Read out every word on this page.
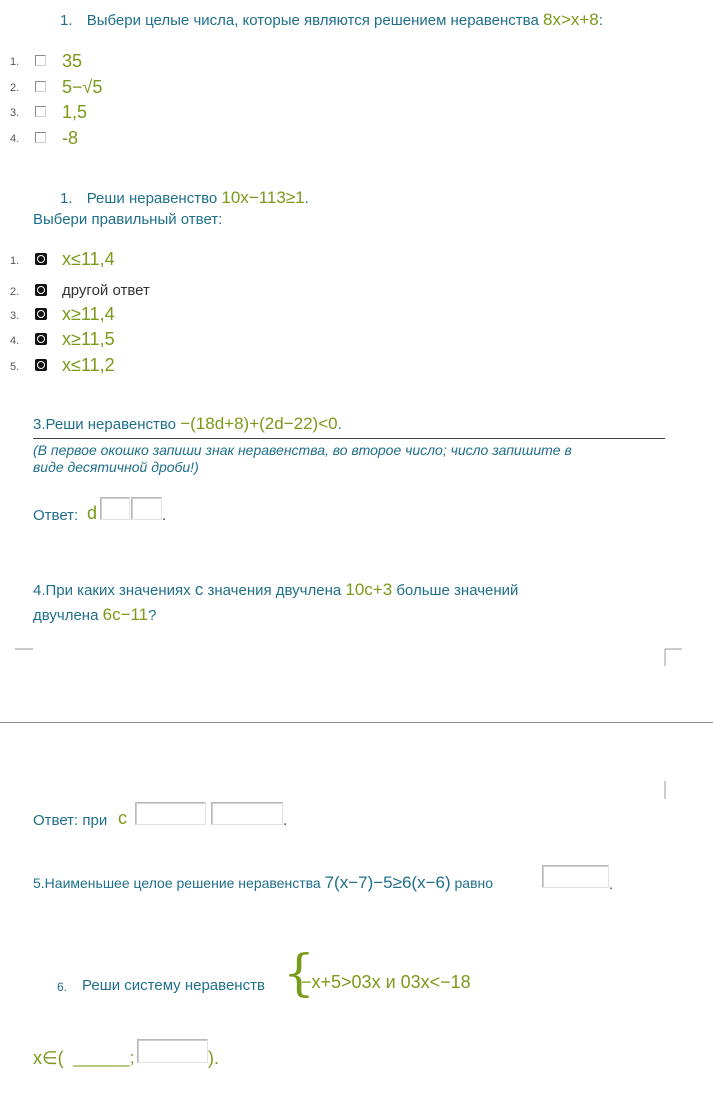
1. Выбери целые числа, которые являются решением неравенства 8x>x+8:
1. 35
2. 5−√5
3. 1,5
4. -8
1. Реши неравенство 10x−113≥1.
Выбери правильный ответ:
1. x≤11,4
2.	другой ответ
3. x≥11,4
4. x≥11,5
5. x≤11,2
3.Реши неравенство −(18d+8)+(2d−22)<0.
(В первое окошко запиши знак неравенства, во второе число; число запишите в
виде десятичной дроби!)
Ответ: d	.
4.При каких значениях c значения двучлена 10c+3 больше значений
двучлена 6c−11?
Ответ: при c	.
5.Наименьшее целое решение неравенства 7(x−7)−5≥6(x−6) равно	.
6. Реши систему неравенств {
−x+5>03x и 03x<−18
x∈( ______;	).
